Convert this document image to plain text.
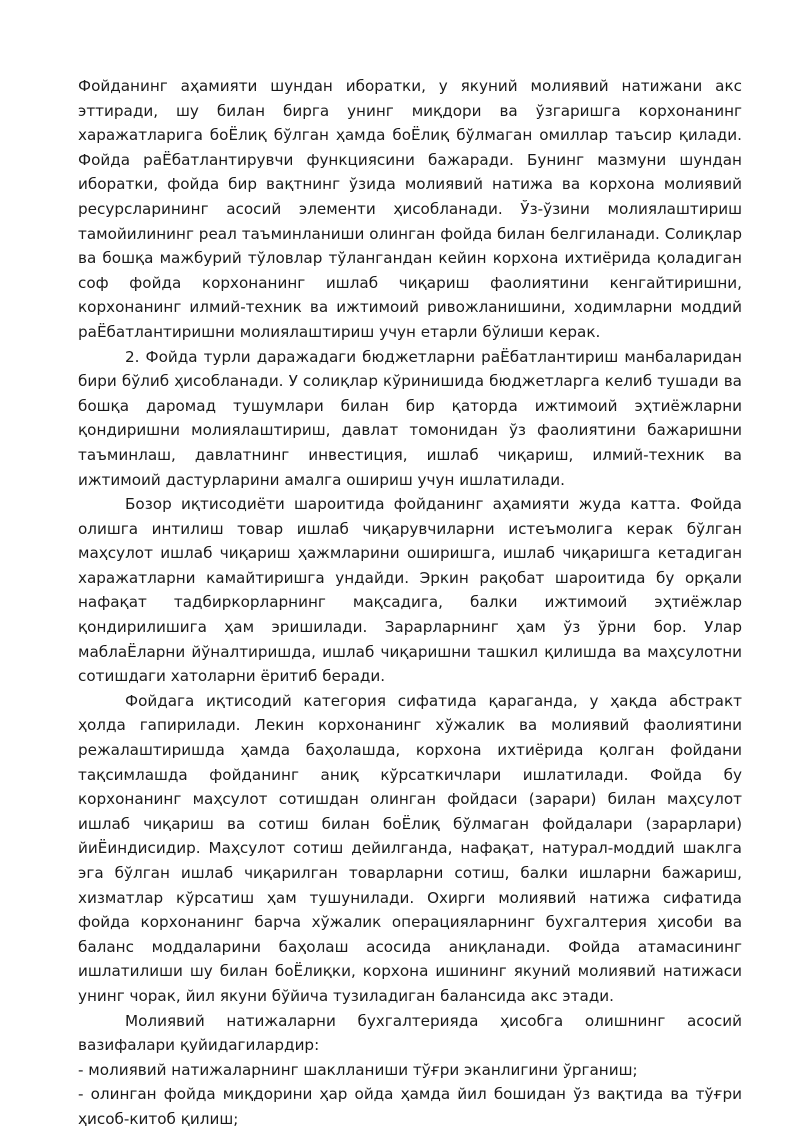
Фойданинг аҳамияти шундан иборатки, у якуний молиявий натижани акс эттиради, шу билан бирга унинг миқдори ва ўзгаришга корхонанинг харажатларига боЁлиқ бўлган ҳамда боЁлиқ бўлмаган омиллар таъсир қилади. Фойда раЁбатлантирувчи функциясини бажаради. Бунинг мазмуни шундан иборатки, фойда бир вақтнинг ўзида молиявий натижа ва корхона молиявий ресурсларининг асосий элементи ҳисобланади. Ўз-ўзини молиялаштириш тамойилининг реал таъминланиши олинган фойда билан белгиланади. Солиқлар ва бошқа мажбурий тўловлар тўлангандан кейин корхона ихтиёрида қоладиган соф фойда корхонанинг ишлаб чиқариш фаолиятини кенгайтиришни, корхонанинг илмий-техник ва ижтимоий ривожланишини, ходимларни моддий раЁбатлантиришни молиялаштириш учун етарли бўлиши керак.

2. Фойда турли даражадаги бюджетларни раЁбатлантириш манбаларидан бири бўлиб ҳисобланади. У солиқлар кўринишида бюджетларга келиб тушади ва бошқа даромад тушумлари билан бир қаторда ижтимоий эҳтиёжларни қондиришни молиялаштириш, давлат томонидан ўз фаолиятини бажаришни таъминлаш, давлатнинг инвестиция, ишлаб чиқариш, илмий-техник ва ижтимоий дастурларини амалга ошириш учун ишлатилади.

Бозор иқтисодиёти шароитида фойданинг аҳамияти жуда катта. Фойда олишга интилиш товар ишлаб чиқарувчиларни истеъмолига керак бўлган маҳсулот ишлаб чиқариш ҳажмларини оширишга, ишлаб чиқаришга кетадиган харажатларни камайтиришга ундайди. Эркин рақобат шароитида бу орқали нафақат тадбиркорларнинг мақсадига, балки ижтимоий эҳтиёжлар қондирилишига ҳам эришилади. Зарарларнинг ҳам ўз ўрни бор. Улар маблаЁларни йўналтиришда, ишлаб чиқаришни ташкил қилишда ва маҳсулотни сотишдаги хатоларни ёритиб беради.

Фойдага иқтисодий категория сифатида қараганда, у ҳақда абстракт ҳолда гапирилади. Лекин корхонанинг хўжалик ва молиявий фаолиятини режалаштиришда ҳамда баҳолашда, корхона ихтиёрида қолган фойдани тақсимлашда фойданинг аниқ кўрсаткичлари ишлатилади. Фойда бу корхонанинг маҳсулот сотишдан олинган фойдаси (зарари) билан маҳсулот ишлаб чиқариш ва сотиш билан боЁлиқ бўлмаган фойдалари (зарарлари) йиЁиндисидир. Маҳсулот сотиш дейилганда, нафақат, натурал-моддий шаклга эга бўлган ишлаб чиқарилган товарларни сотиш, балки ишларни бажариш, хизматлар кўрсатиш ҳам тушунилади. Охирги молиявий натижа сифатида фойда корхонанинг барча хўжалик операцияларнинг бухгалтерия ҳисоби ва баланс моддаларини баҳолаш асосида аниқланади. Фойда атамасининг ишлатилиши шу билан боЁлиқки, корхона ишининг якуний молиявий натижаси унинг чорак, йил якуни бўйича тузиладиган балансида акс этади.

Молиявий натижаларни бухгалтерияда ҳисобга олишнинг асосий вазифалари қуйидагилардир:

- молиявий натижаларнинг шаклланиши тўғри эканлигини ўрганиш;

- олинган фойда миқдорини ҳар ойда ҳамда йил бошидан ўз вақтида ва тўғри ҳисоб-китоб қилиш;
